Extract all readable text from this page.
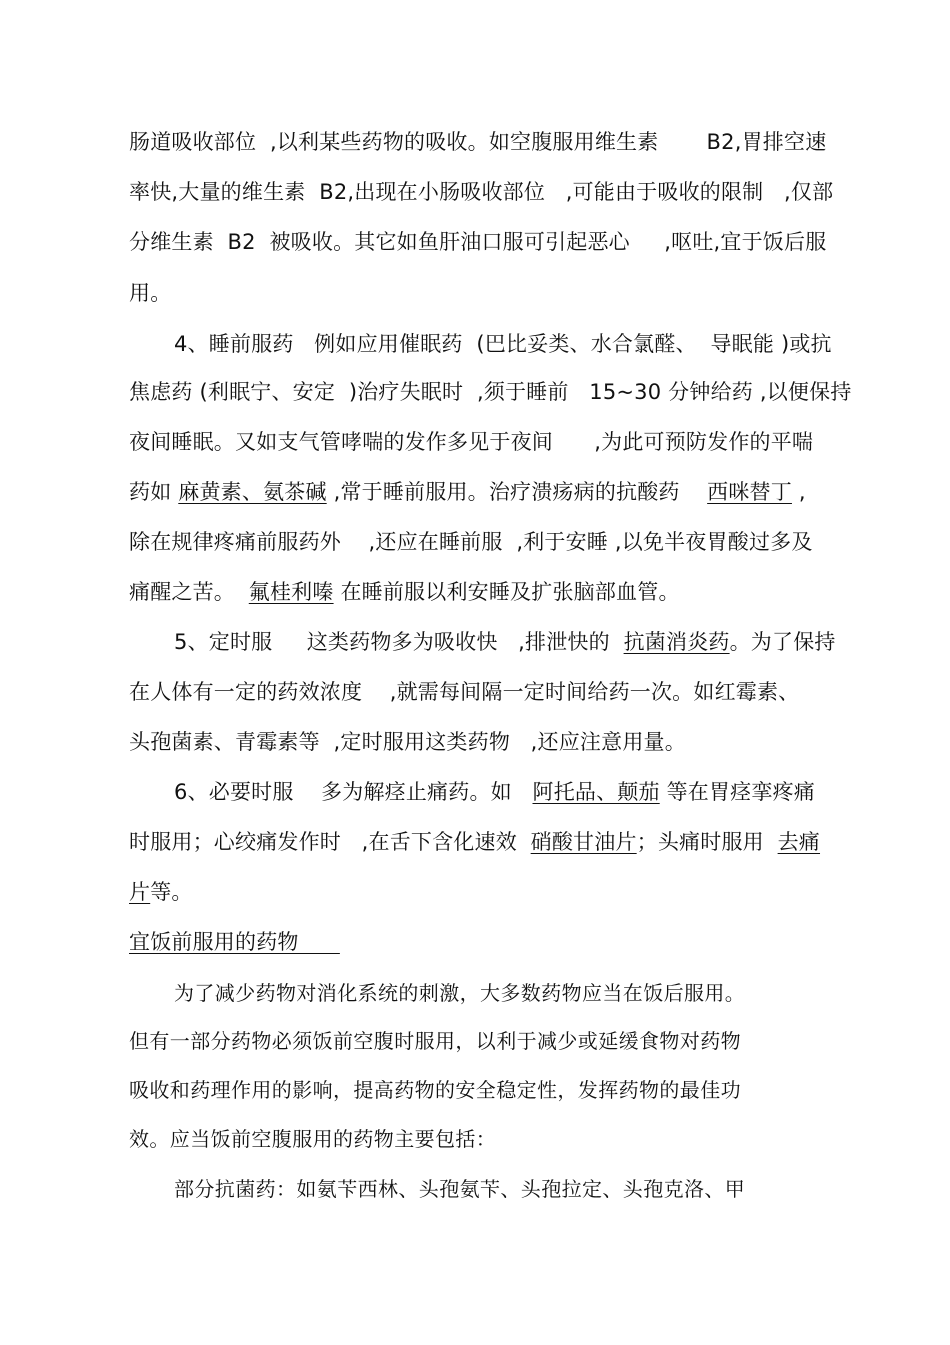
肠道吸收部位  ,以利某些药物的吸收。如空腹服用维生素       B2,胃排空速
率快,大量的维生素  B2,出现在小肠吸收部位   ,可能由于吸收的限制   ,仅部
分维生素  B2  被吸收。其它如鱼肝油口服可引起恶心     ,呕吐,宜于饭后服
用。
4、睡前服药   例如应用催眠药  (巴比妥类、水合氯醛、  导眠能 )或抗
焦虑药 (利眠宁、安定  )治疗失眠时  ,须于睡前   15~30 分钟给药 ,以便保持
夜间睡眠。又如支气管哮喘的发作多见于夜间      ,为此可预防发作的平喘
药如 麻黄素、氨茶碱 ,常于睡前服用。治疗溃疡病的抗酸药    西咪替丁 ,
除在规律疼痛前服药外    ,还应在睡前服  ,利于安睡 ,以免半夜胃酸过多及
痛醒之苦。  氟桂利嗪 在睡前服以利安睡及扩张脑部血管。
5、定时服     这类药物多为吸收快   ,排泄快的  抗菌消炎药。为了保持
在人体有一定的药效浓度    ,就需每间隔一定时间给药一次。如红霉素、
头孢菌素、青霉素等  ,定时服用这类药物   ,还应注意用量。
6、必要时服    多为解痉止痛药。如   阿托品、颠茄 等在胃痉挛疼痛
时服用；心绞痛发作时   ,在舌下含化速效  硝酸甘油片；头痛时服用  去痛
片等。
宜饭前服用的药物
为了减少药物对消化系统的刺激，大多数药物应当在饭后服用。
但有一部分药物必须饭前空腹时服用，以利于减少或延缓食物对药物
吸收和药理作用的影响，提高药物的安全稳定性，发挥药物的最佳功
效。应当饭前空腹服用的药物主要包括：
部分抗菌药：如氨苄西林、头孢氨苄、头孢拉定、头孢克洛、甲
